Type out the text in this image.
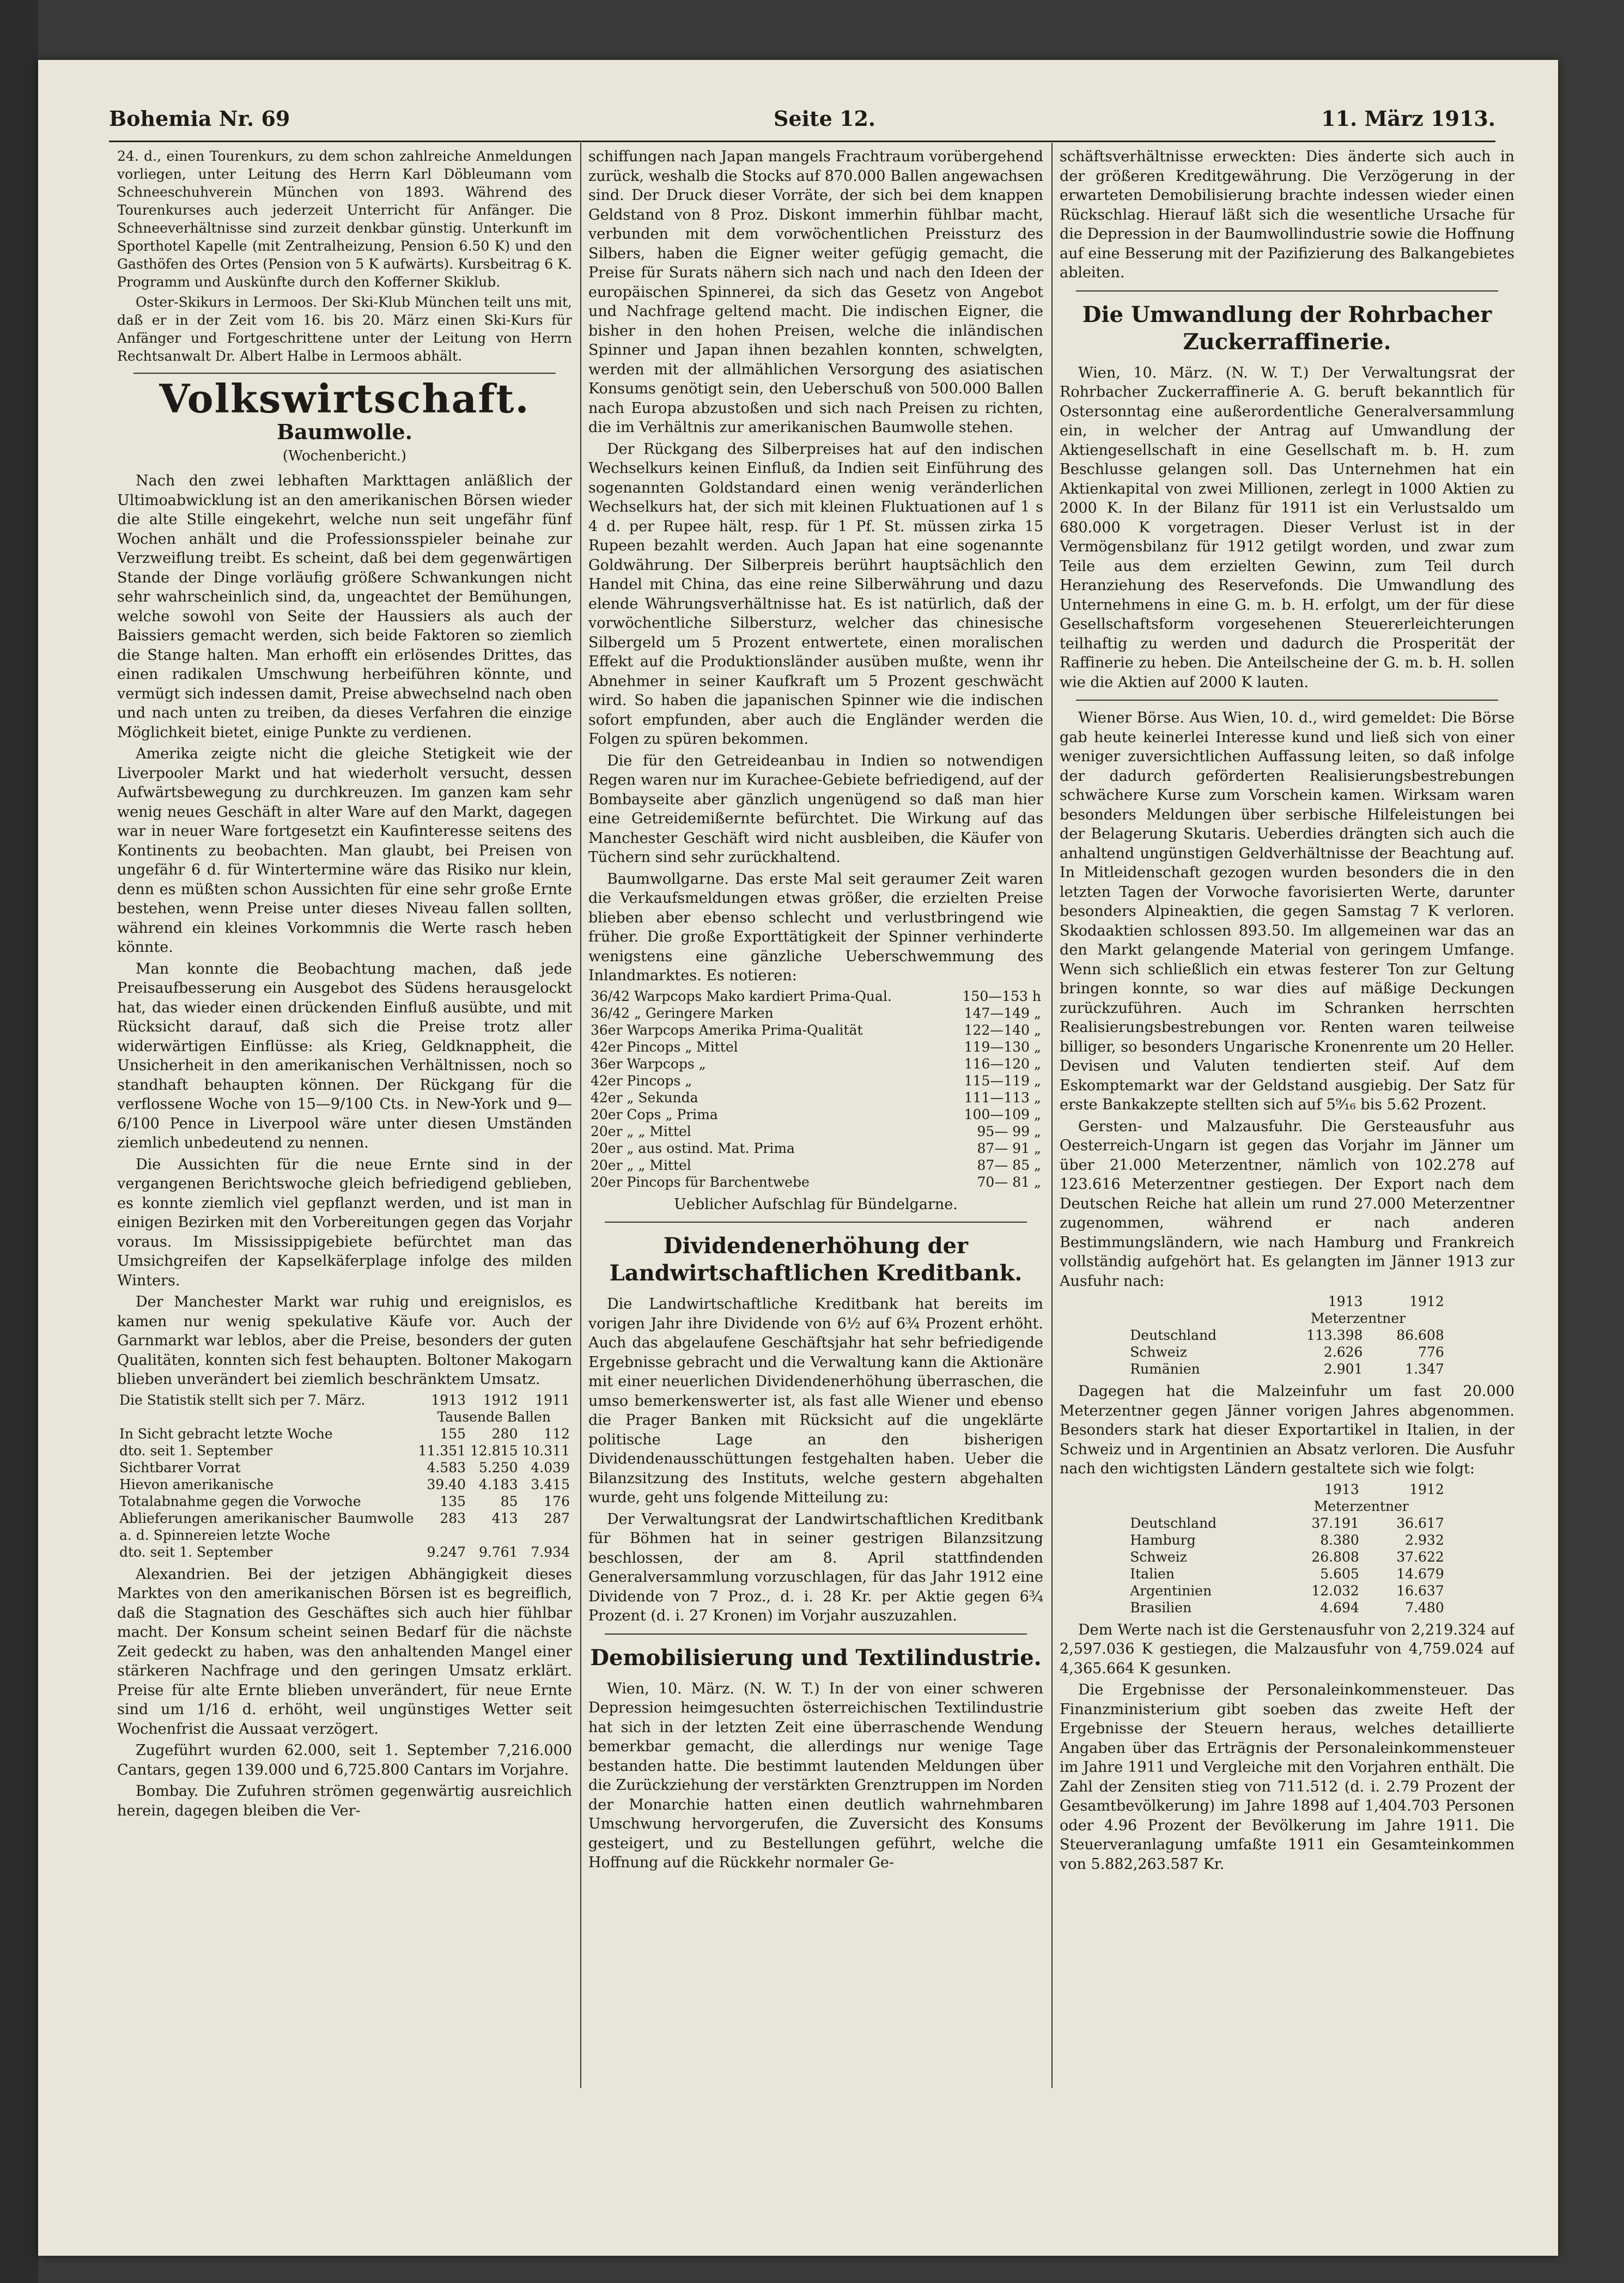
Bohemia Nr. 69	Seite 12.	11. März 1913.

24. d., einen Tourenkurs, zu dem schon zahlreiche Anmeldungen vorliegen, unter Leitung des Herrn Karl Döbleumann vom Schneeschuhverein München von 1893. Während des Tourenkurses auch jederzeit Unterricht für Anfänger. Die Schneeverhältnisse sind zurzeit denkbar günstig. Unterkunft im Sporthotel Kapelle (mit Zentralheizung, Pension 6.50 K) und den Gasthöfen des Ortes (Pension von 5 K aufwärts). Kursbeitrag 6 K. Programm und Auskünfte durch den Kofferner Skiklub.

Oster-Skikurs in Lermoos. Der Ski-Klub München teilt uns mit, daß er in der Zeit vom 16. bis 20. März einen Ski-Kurs für Anfänger und Fortgeschrittene unter der Leitung von Herrn Rechtsanwalt Dr. Albert Halbe in Lermoos abhält.

Volkswirtschaft.
Baumwolle.
(Wochenbericht.)

Nach den zwei lebhaften Markttagen anläßlich der Ultimoabwicklung ist an den amerikanischen Börsen wieder die alte Stille eingekehrt, welche nun seit ungefähr fünf Wochen anhält und die Professionsspieler beinahe zur Verzweiflung treibt. Es scheint, daß bei dem gegenwärtigen Stande der Dinge vorläufig größere Schwankungen nicht sehr wahrscheinlich sind, da, ungeachtet der Bemühungen, welche sowohl von Seite der Haussiers als auch der Baissiers gemacht werden, sich beide Faktoren so ziemlich die Stange halten. Man erhofft ein erlösendes Drittes, das einen radikalen Umschwung herbeiführen könnte, und vermügt sich indessen damit, Preise abwechselnd nach oben und nach unten zu treiben, da dieses Verfahren die einzige Möglichkeit bietet, einige Punkte zu verdienen.

Amerika zeigte nicht die gleiche Stetigkeit wie der Liverpooler Markt und hat wiederholt versucht, dessen Aufwärtsbewegung zu durchkreuzen. Im ganzen kam sehr wenig neues Geschäft in alter Ware auf den Markt, dagegen war in neuer Ware fortgesetzt ein Kaufinteresse seitens des Kontinents zu beobachten. Man glaubt, bei Preisen von ungefähr 6 d. für Wintertermine wäre das Risiko nur klein, denn es müßten schon Aussichten für eine sehr große Ernte bestehen, wenn Preise unter dieses Niveau fallen sollten, während ein kleines Vorkommnis die Werte rasch heben könnte.

Man konnte die Beobachtung machen, daß jede Preisaufbesserung ein Ausgebot des Südens herausgelockt hat, das wieder einen drückenden Einfluß ausübte, und mit Rücksicht darauf, daß sich die Preise trotz aller widerwärtigen Einflüsse: als Krieg, Geldknappheit, die Unsicherheit in den amerikanischen Verhältnissen, noch so standhaft behaupten können. Der Rückgang für die verflossene Woche von 15—9/100 Cts. in New-York und 9—6/100 Pence in Liverpool wäre unter diesen Umständen ziemlich unbedeutend zu nennen.

Die Aussichten für die neue Ernte sind in der vergangenen Berichtswoche gleich befriedigend geblieben, es konnte ziemlich viel gepflanzt werden, und ist man in einigen Bezirken mit den Vorbereitungen gegen das Vorjahr voraus. Im Mississippigebiete befürchtet man das Umsichgreifen der Kapselkäferplage infolge des milden Winters.

Der Manchester Markt war ruhig und ereignislos, es kamen nur wenig spekulative Käufe vor. Auch der Garnmarkt war leblos, aber die Preise, besonders der guten Qualitäten, konnten sich fest behaupten. Boltoner Makogarn blieben unverändert bei ziemlich beschränktem Umsatz.

Die Statistik stellt sich per 7. März.	1913	1912	1911
	Tausende Ballen		
In Sicht gebracht letzte Woche	155	280	112
dto. seit 1. September	11.351	12.815	10.311
Sichtbarer Vorrat	4.583	5.250	4.039
Hievon amerikanische	39.40	4.183	3.415
Totalabnahme gegen die Vorwoche	135	85	176
Ablieferungen amerikanischer Baumwolle a. d. Spinnereien letzte Woche	283	413	287
dto. seit 1. September	9.247	9.761	7.934

Alexandrien. Bei der jetzigen Abhängigkeit dieses Marktes von den amerikanischen Börsen ist es begreiflich, daß die Stagnation des Geschäftes sich auch hier fühlbar macht. Der Konsum scheint seinen Bedarf für die nächste Zeit gedeckt zu haben, was den anhaltenden Mangel einer stärkeren Nachfrage und den geringen Umsatz erklärt. Preise für alte Ernte blieben unverändert, für neue Ernte sind um 1/16 d. erhöht, weil ungünstiges Wetter seit Wochenfrist die Aussaat verzögert.

Zugeführt wurden 62.000, seit 1. September 7,216.000 Cantars, gegen 139.000 und 6,725.800 Cantars im Vorjahre.

Bombay. Die Zufuhren strömen gegenwärtig ausreichlich herein, dagegen bleiben die Ver-

schiffungen nach Japan mangels Frachtraum vorübergehend zurück, weshalb die Stocks auf 870.000 Ballen angewachsen sind. Der Druck dieser Vorräte, der sich bei dem knappen Geldstand von 8 Proz. Diskont immerhin fühlbar macht, verbunden mit dem vorwöchentlichen Preissturz des Silbers, haben die Eigner weiter gefügig gemacht, die Preise für Surats nähern sich nach und nach den Ideen der europäischen Spinnerei, da sich das Gesetz von Angebot und Nachfrage geltend macht. Die indischen Eigner, die bisher in den hohen Preisen, welche die inländischen Spinner und Japan ihnen bezahlen konnten, schwelgten, werden mit der allmählichen Versorgung des asiatischen Konsums genötigt sein, den Ueberschuß von 500.000 Ballen nach Europa abzustoßen und sich nach Preisen zu richten, die im Verhältnis zur amerikanischen Baumwolle stehen.

Der Rückgang des Silberpreises hat auf den indischen Wechselkurs keinen Einfluß, da Indien seit Einführung des sogenannten Goldstandard einen wenig veränderlichen Wechselkurs hat, der sich mit kleinen Fluktuationen auf 1 s 4 d. per Rupee hält, resp. für 1 Pf. St. müssen zirka 15 Rupeen bezahlt werden. Auch Japan hat eine sogenannte Goldwährung. Der Silberpreis berührt hauptsächlich den Handel mit China, das eine reine Silberwährung und dazu elende Währungsverhältnisse hat. Es ist natürlich, daß der vorwöchentliche Silbersturz, welcher das chinesische Silbergeld um 5 Prozent entwertete, einen moralischen Effekt auf die Produktionsländer ausüben mußte, wenn ihr Abnehmer in seiner Kaufkraft um 5 Prozent geschwächt wird. So haben die japanischen Spinner wie die indischen sofort empfunden, aber auch die Engländer werden die Folgen zu spüren bekommen.

Die für den Getreideanbau in Indien so notwendigen Regen waren nur im Kurachee-Gebiete befriedigend, auf der Bombayseite aber gänzlich ungenügend so daß man hier eine Getreidemißernte befürchtet. Die Wirkung auf das Manchester Geschäft wird nicht ausbleiben, die Käufer von Tüchern sind sehr zurückhaltend.

Baumwollgarne. Das erste Mal seit geraumer Zeit waren die Verkaufsmeldungen etwas größer, die erzielten Preise blieben aber ebenso schlecht und verlustbringend wie früher. Die große Exporttätigkeit der Spinner verhinderte wenigstens eine gänzliche Ueberschwemmung des Inlandmarktes. Es notieren:

36/42 Warpcops Mako kardiert Prima-Qual.	150—153 h
36/42 „ Geringere Marken	147—149 „
36er Warpcops Amerika Prima-Qualität	122—140 „
42er Pincops „ Mittel	119—130 „
36er Warpcops „	116—120 „
42er Pincops „	115—119 „
42er „ Sekunda	111—113 „
20er Cops „ Prima	100—109 „
20er „ „ Mittel	95— 99 „
20er „ aus ostind. Mat. Prima	87— 91 „
20er „ „ Mittel	87— 85 „
20er Pincops für Barchentwebe	70— 81 „

Ueblicher Aufschlag für Bündelgarne.

Dividendenerhöhung der Landwirtschaftlichen Kreditbank.

Die Landwirtschaftliche Kreditbank hat bereits im vorigen Jahr ihre Dividende von 6½ auf 6¾ Prozent erhöht. Auch das abgelaufene Geschäftsjahr hat sehr befriedigende Ergebnisse gebracht und die Verwaltung kann die Aktionäre mit einer neuerlichen Dividendenerhöhung überraschen, die umso bemerkenswerter ist, als fast alle Wiener und ebenso die Prager Banken mit Rücksicht auf die ungeklärte politische Lage an den bisherigen Dividendenausschüttungen festgehalten haben. Ueber die Bilanzsitzung des Instituts, welche gestern abgehalten wurde, geht uns folgende Mitteilung zu:

Der Verwaltungsrat der Landwirtschaftlichen Kreditbank für Böhmen hat in seiner gestrigen Bilanzsitzung beschlossen, der am 8. April stattfindenden Generalversammlung vorzuschlagen, für das Jahr 1912 eine Dividende von 7 Proz., d. i. 28 Kr. per Aktie gegen 6¾ Prozent (d. i. 27 Kronen) im Vorjahr auszuzahlen.

Demobilisierung und Textilindustrie.

Wien, 10. März. (N. W. T.) In der von einer schweren Depression heimgesuchten österreichischen Textilindustrie hat sich in der letzten Zeit eine überraschende Wendung bemerkbar gemacht, die allerdings nur wenige Tage bestanden hatte. Die bestimmt lautenden Meldungen über die Zurückziehung der verstärkten Grenztruppen im Norden der Monarchie hatten einen deutlich wahrnehmbaren Umschwung hervorgerufen, die Zuversicht des Konsums gesteigert, und zu Bestellungen geführt, welche die Hoffnung auf die Rückkehr normaler Ge-

schäftsverhältnisse erweckten: Dies änderte sich auch in der größeren Kreditgewährung. Die Verzögerung in der erwarteten Demobilisierung brachte indessen wieder einen Rückschlag. Hierauf läßt sich die wesentliche Ursache für die Depression in der Baumwollindustrie sowie die Hoffnung auf eine Besserung mit der Pazifizierung des Balkangebietes ableiten.

Die Umwandlung der Rohrbacher Zuckerraffinerie.

Wien, 10. März. (N. W. T.) Der Verwaltungsrat der Rohrbacher Zuckerraffinerie A. G. beruft bekanntlich für Ostersonntag eine außerordentliche Generalversammlung ein, in welcher der Antrag auf Umwandlung der Aktiengesellschaft in eine Gesellschaft m. b. H. zum Beschlusse gelangen soll. Das Unternehmen hat ein Aktienkapital von zwei Millionen, zerlegt in 1000 Aktien zu 2000 K. In der Bilanz für 1911 ist ein Verlustsaldo um 680.000 K vorgetragen. Dieser Verlust ist in der Vermögensbilanz für 1912 getilgt worden, und zwar zum Teile aus dem erzielten Gewinn, zum Teil durch Heranziehung des Reservefonds. Die Umwandlung des Unternehmens in eine G. m. b. H. erfolgt, um der für diese Gesellschaftsform vorgesehenen Steuererleichterungen teilhaftig zu werden und dadurch die Prosperität der Raffinerie zu heben. Die Anteilscheine der G. m. b. H. sollen wie die Aktien auf 2000 K lauten.

Wiener Börse. Aus Wien, 10. d., wird gemeldet: Die Börse gab heute keinerlei Interesse kund und ließ sich von einer weniger zuversichtlichen Auffassung leiten, so daß infolge der dadurch geförderten Realisierungsbestrebungen schwächere Kurse zum Vorschein kamen. Wirksam waren besonders Meldungen über serbische Hilfeleistungen bei der Belagerung Skutaris. Ueberdies drängten sich auch die anhaltend ungünstigen Geldverhältnisse der Beachtung auf. In Mitleidenschaft gezogen wurden besonders die in den letzten Tagen der Vorwoche favorisierten Werte, darunter besonders Alpineaktien, die gegen Samstag 7 K verloren. Skodaaktien schlossen 893.50. Im allgemeinen war das an den Markt gelangende Material von geringem Umfange. Wenn sich schließlich ein etwas festerer Ton zur Geltung bringen konnte, so war dies auf mäßige Deckungen zurückzuführen. Auch im Schranken herrschten Realisierungsbestrebungen vor. Renten waren teilweise billiger, so besonders Ungarische Kronenrente um 20 Heller. Devisen und Valuten tendierten steif. Auf dem Eskomptemarkt war der Geldstand ausgiebig. Der Satz für erste Bankakzepte stellten sich auf 5⁹⁄₁₆ bis 5.62 Prozent.

Gersten- und Malzausfuhr. Die Gersteausfuhr aus Oesterreich-Ungarn ist gegen das Vorjahr im Jänner um über 21.000 Meterzentner, nämlich von 102.278 auf 123.616 Meterzentner gestiegen. Der Export nach dem Deutschen Reiche hat allein um rund 27.000 Meterzentner zugenommen, während er nach anderen Bestimmungsländern, wie nach Hamburg und Frankreich vollständig aufgehört hat. Es gelangten im Jänner 1913 zur Ausfuhr nach:

	1913	1912
	Meterzentner	
Deutschland	113.398	86.608
Schweiz	2.626	776
Rumänien	2.901	1.347

Dagegen hat die Malzeinfuhr um fast 20.000 Meterzentner gegen Jänner vorigen Jahres abgenommen. Besonders stark hat dieser Exportartikel in Italien, in der Schweiz und in Argentinien an Absatz verloren. Die Ausfuhr nach den wichtigsten Ländern gestaltete sich wie folgt:

	1913	1912
	Meterzentner	
Deutschland	37.191	36.617
Hamburg	8.380	2.932
Schweiz	26.808	37.622
Italien	5.605	14.679
Argentinien	12.032	16.637
Brasilien	4.694	7.480

Dem Werte nach ist die Gerstenausfuhr von 2,219.324 auf 2,597.036 K gestiegen, die Malzausfuhr von 4,759.024 auf 4,365.664 K gesunken.

Die Ergebnisse der Personaleinkommensteuer. Das Finanzministerium gibt soeben das zweite Heft der Ergebnisse der Steuern heraus, welches detaillierte Angaben über das Erträgnis der Personaleinkommensteuer im Jahre 1911 und Vergleiche mit den Vorjahren enthält. Die Zahl der Zensiten stieg von 711.512 (d. i. 2.79 Prozent der Gesamtbevölkerung) im Jahre 1898 auf 1,404.703 Personen oder 4.96 Prozent der Bevölkerung im Jahre 1911. Die Steuerveranlagung umfaßte 1911 ein Gesamteinkommen von 5.882,263.587 Kr.
